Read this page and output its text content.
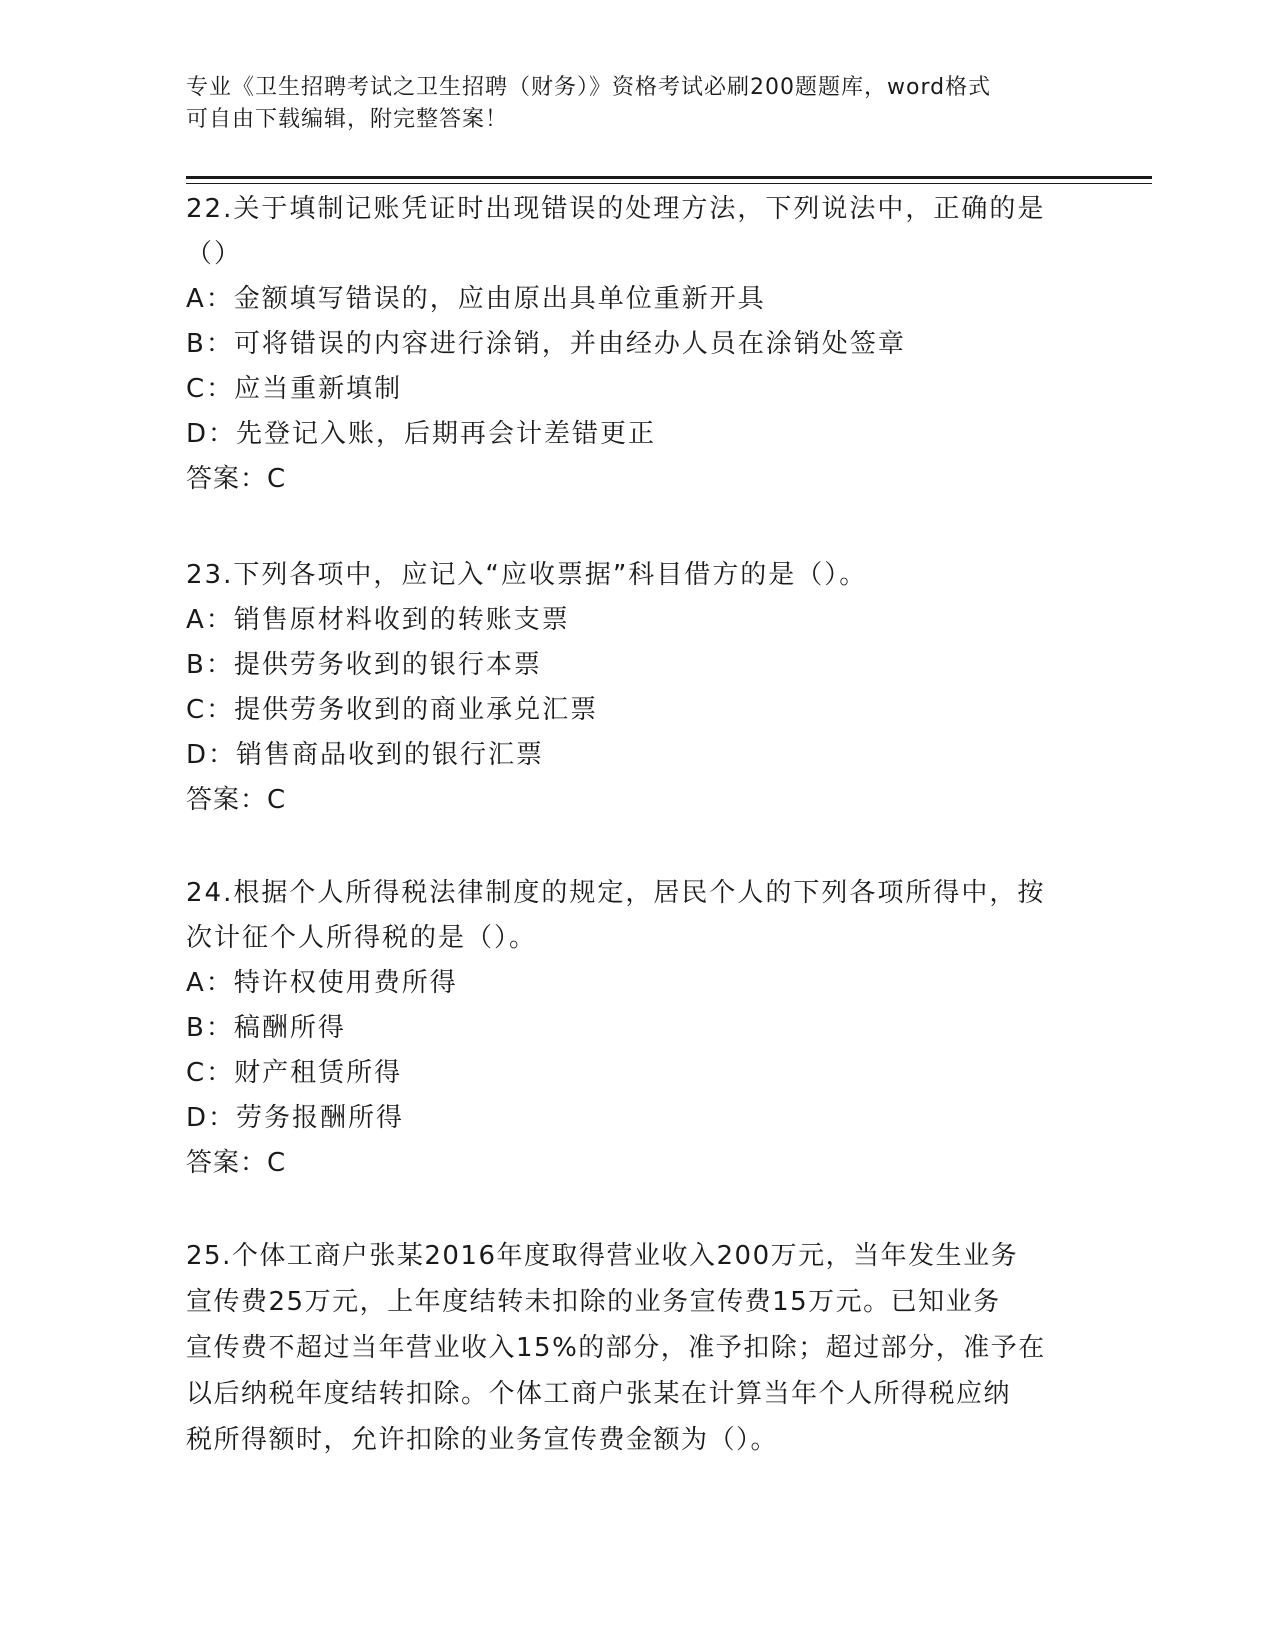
专业《卫生招聘考试之卫生招聘（财务）》资格考试必刷200题题库，word格式
可自由下载编辑，附完整答案！
22.关于填制记账凭证时出现错误的处理方法，下列说法中，正确的是
（）
A：金额填写错误的，应由原出具单位重新开具
B：可将错误的内容进行涂销，并由经办人员在涂销处签章
C：应当重新填制
D：先登记入账，后期再会计差错更正
答案：C
23.下列各项中，应记入“应收票据”科目借方的是（）。
A：销售原材料收到的转账支票
B：提供劳务收到的银行本票
C：提供劳务收到的商业承兑汇票
D：销售商品收到的银行汇票
答案：C
24.根据个人所得税法律制度的规定，居民个人的下列各项所得中，按
次计征个人所得税的是（）。
A：特许权使用费所得
B：稿酬所得
C：财产租赁所得
D：劳务报酬所得
答案：C
25.个体工商户张某2016年度取得营业收入200万元，当年发生业务
宣传费25万元，上年度结转未扣除的业务宣传费15万元。已知业务
宣传费不超过当年营业收入15%的部分，准予扣除；超过部分，准予在
以后纳税年度结转扣除。个体工商户张某在计算当年个人所得税应纳
税所得额时，允许扣除的业务宣传费金额为（）。
